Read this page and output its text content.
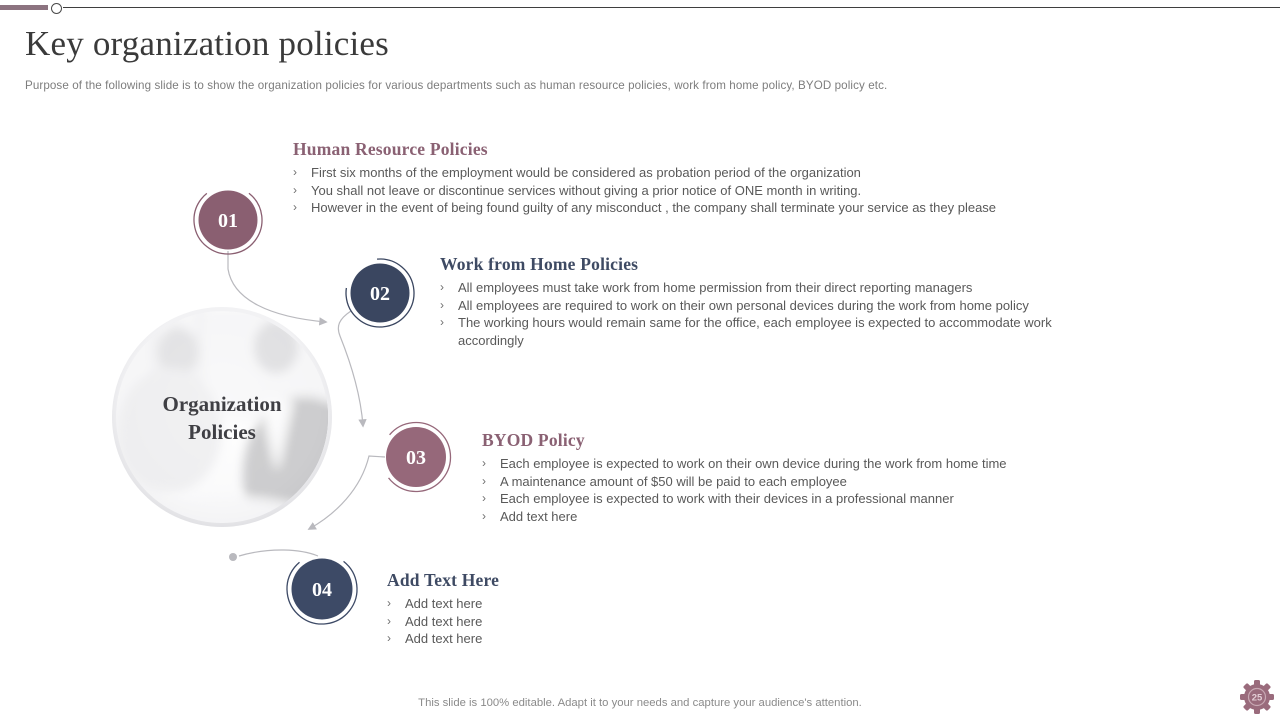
Key organization policies

Purpose of the following slide is to show the organization policies for various departments such as human resource policies, work from home policy, BYOD policy etc.

Organization
Policies
01
02
03
04
Human Resource Policies
›	First six months of the employment would be considered as probation period of the organization
›	You shall not leave or discontinue services without giving a prior notice of ONE month in writing.
›	However in the event of being found guilty of any misconduct , the company shall terminate your service as they please
Work from Home Policies
›	All employees must take work from home permission from their direct reporting managers
›	All employees are required to work on their own personal devices during the work from home policy
›	The working hours would remain same for the office, each employee is expected to accommodate work accordingly
BYOD Policy
›	Each employee is expected to work on their own device during the work from home time
›	A maintenance amount of $50 will be paid to each employee
›	Each employee is expected to work with their devices in a professional manner
›	Add text here
Add Text Here
›	Add text here
›	Add text here
›	Add text here

This slide is 100% editable. Adapt it to your needs and capture your audience's attention.	25
